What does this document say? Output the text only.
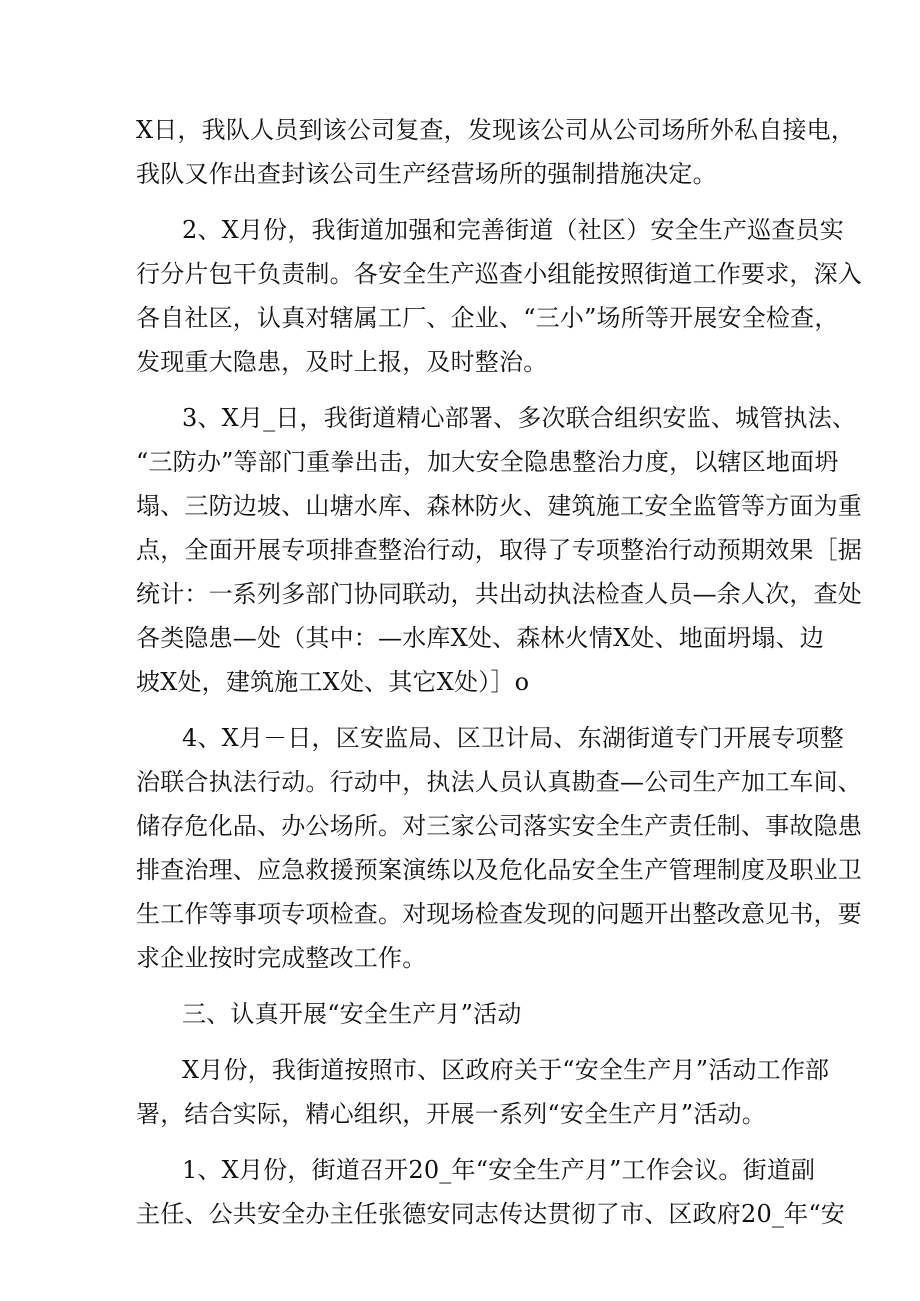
X日，我队人员到该公司复查，发现该公司从公司场所外私自接电，
我队又作出查封该公司生产经营场所的强制措施决定。
2、X月份，我街道加强和完善街道（社区）安全生产巡查员实
行分片包干负责制。各安全生产巡查小组能按照街道工作要求，深入
各自社区，认真对辖属工厂、企业、“三小”场所等开展安全检查，
发现重大隐患，及时上报，及时整治。
3、X月_日，我街道精心部署、多次联合组织安监、城管执法、
“三防办”等部门重拳出击，加大安全隐患整治力度，以辖区地面坍
塌、三防边坡、山塘水库、森林防火、建筑施工安全监管等方面为重
点，全面开展专项排查整治行动，取得了专项整治行动预期效果［据
统计：一系列多部门协同联动，共出动执法检查人员—余人次，查处
各类隐患—处（其中：—水库X处、森林火情X处、地面坍塌、边
坡X处，建筑施工X处、其它X处）］o
4、X月－日，区安监局、区卫计局、东湖街道专门开展专项整
治联合执法行动。行动中，执法人员认真勘查—公司生产加工车间、
储存危化品、办公场所。对三家公司落实安全生产责任制、事故隐患
排查治理、应急救援预案演练以及危化品安全生产管理制度及职业卫
生工作等事项专项检查。对现场检查发现的问题开出整改意见书，要
求企业按时完成整改工作。
三、认真开展“安全生产月”活动
X月份，我街道按照市、区政府关于“安全生产月”活动工作部
署，结合实际，精心组织，开展一系列“安全生产月”活动。
1、X月份，街道召开20_年“安全生产月”工作会议。街道副
主任、公共安全办主任张德安同志传达贯彻了市、区政府20_年“安
